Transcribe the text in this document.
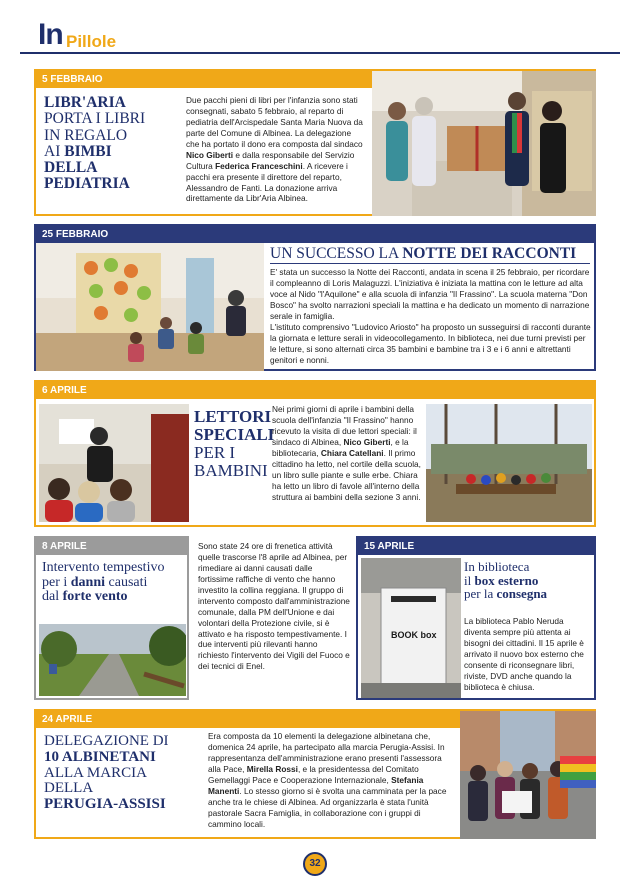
In Pillole
5 FEBBRAIO
LIBR'ARIA
PORTA I LIBRI
IN REGALO
AI BIMBI
DELLA PEDIATRIA
Due pacchi pieni di libri per l'infanzia sono stati consegnati, sabato 5 febbraio, al reparto di pediatria dell'Arcispedale Santa Maria Nuova da parte del Comune di Albinea. La delegazione che ha portato il dono era composta dal sindaco Nico Giberti e dalla responsabile del Servizio Cultura Federica Franceschini. A ricevere i pacchi era presente il direttore del reparto, Alessandro de Fanti. La donazione arriva direttamente da Libr'Aria Albinea.
25 FEBBRAIO
UN SUCCESSO LA NOTTE DEI RACCONTI

E' stata un successo la Notte dei Racconti, andata in scena il 25 febbraio, per ricordare il compleanno di Loris Malaguzzi. L'iniziativa è iniziata la mattina con le letture ad alta voce al Nido "l'Aquilone" e alla scuola di infanzia "Il Frassino". La scuola materna "Don Bosco" ha svolto narrazioni speciali la mattina e ha dedicato un momento di narrazione serale in famiglia.

L'istituto comprensivo "Ludovico Ariosto" ha proposto un susseguirsi di racconti durante la giornata e letture serali in videocollegamento. In biblioteca, nei due turni previsti per le letture, si sono alternati circa 35 bambini e bambine tra i 3 e i 6 anni e altrettanti genitori e nonni.

6 APRILE
LETTORI
SPECIALI
PER I
BAMBINI
Nei primi giorni di aprile i bambini della scuola dell'infanzia "Il Frassino" hanno ricevuto la visita di due lettori speciali: il sindaco di Albinea, Nico Giberti, e la bibliotecaria, Chiara Catellani. Il primo cittadino ha letto, nel cortile della scuola, un libro sulle piante e sulle erbe. Chiara ha letto un libro di favole all'interno della struttura ai bambini della sezione 3 anni.
8 APRILE
Intervento tempestivo
per i danni causati
dal forte vento
Sono state 24 ore di frenetica attività quelle trascorse l'8 aprile ad Albinea, per rimediare ai danni causati dalle fortissime raffiche di vento che hanno investito la collina reggiana. Il gruppo di intervento composto dall'amministrazione comunale, dalla PM dell'Unione e dai volontari della Protezione civile, si è attivato e ha risposto tempestivamente. I due interventi più rilevanti hanno richiesto l'intervento dei Vigili del Fuoco e dei tecnici di Enel.
15 APRILE
BOOK box
In biblioteca
il box esterno
per la consegna
La biblioteca Pablo Neruda diventa sempre più attenta ai bisogni dei cittadini. Il 15 aprile è arrivato il nuovo box esterno che consente di riconsegnare libri, riviste, DVD anche quando la biblioteca è chiusa.
24 APRILE
DELEGAZIONE DI
10 ALBINETANI
ALLA MARCIA
DELLA
PERUGIA-ASSISI
Era composta da 10 elementi la delegazione albinetana che, domenica 24 aprile, ha partecipato alla marcia Perugia-Assisi. In rappresentanza dell'amministrazione erano presenti l'assessora alla Pace, Mirella Rossi, e la presidentessa del Comitato Gemellaggi Pace e Cooperazione Internazionale, Stefania Manenti. Lo stesso giorno si è svolta una camminata per la pace anche tra le chiese di Albinea. Ad organizzarla è stata l'unità pastorale Sacra Famiglia, in collaborazione con i gruppi di cammino locali.
32
